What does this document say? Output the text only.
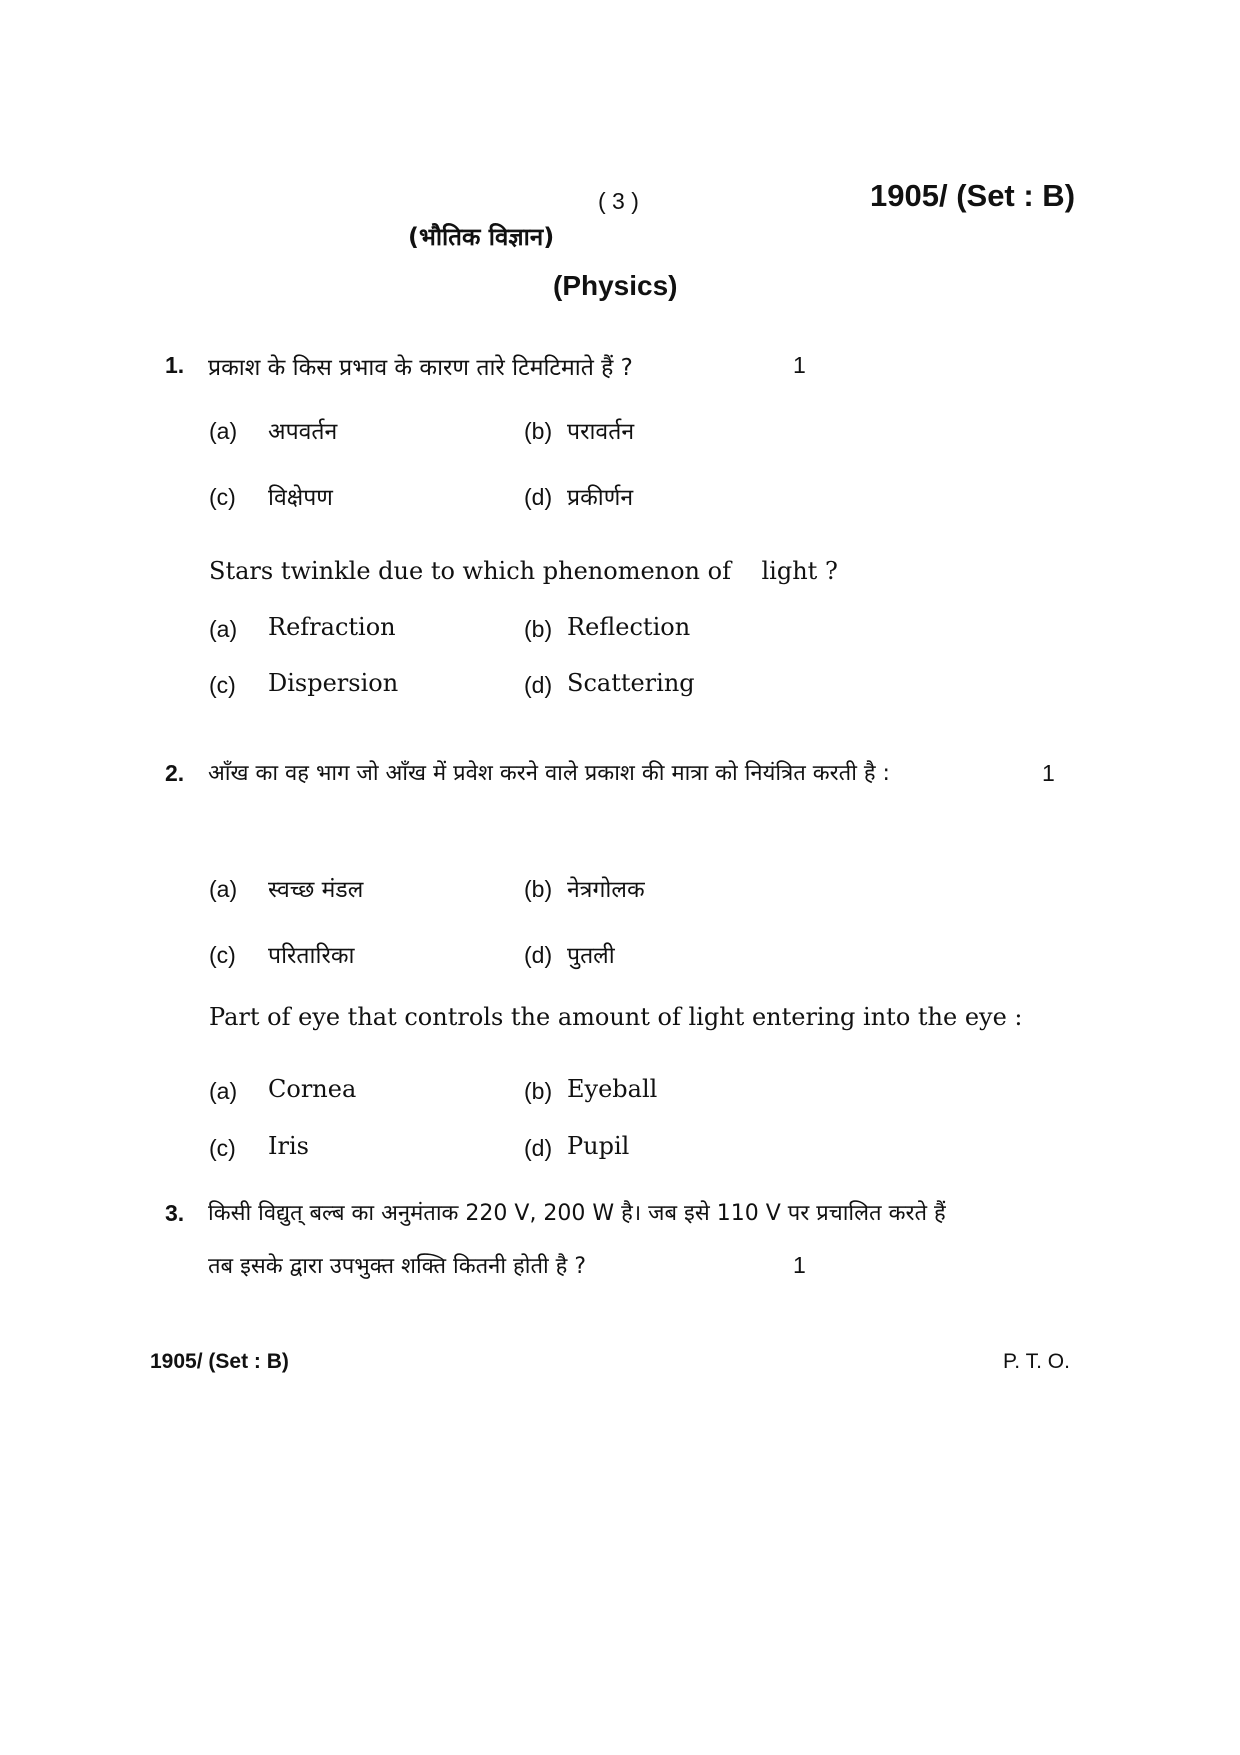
( 3 )	1905/ (Set : B)
(भौतिक विज्ञान)
(Physics)
1. प्रकाश के किस प्रभाव के कारण तारे टिमटिमाते हैं ?	1
(a) अपवर्तन	(b) परावर्तन
(c) विक्षेपण	(d) प्रकीर्णन
Stars twinkle due to which phenomenon of    light ?
(a) Refraction	(b) Reflection
(c) Dispersion	(d) Scattering
2. आँख का वह भाग जो आँख में प्रवेश करने वाले प्रकाश की मात्रा को नियंत्रित करती है :	1
(a) स्वच्छ मंडल	(b) नेत्रगोलक
(c) परितारिका	(d) पुतली
Part of eye that controls the amount of light entering into the eye :
(a) Cornea	(b) Eyeball
(c) Iris	(d) Pupil
3. किसी विद्युत् बल्ब का अनुमंताक 220 V, 200 W है। जब इसे 110 V पर प्रचालित करते हैं
तब इसके द्वारा उपभुक्त शक्ति कितनी होती है ?	1
1905/ (Set : B)	P. T. O.
